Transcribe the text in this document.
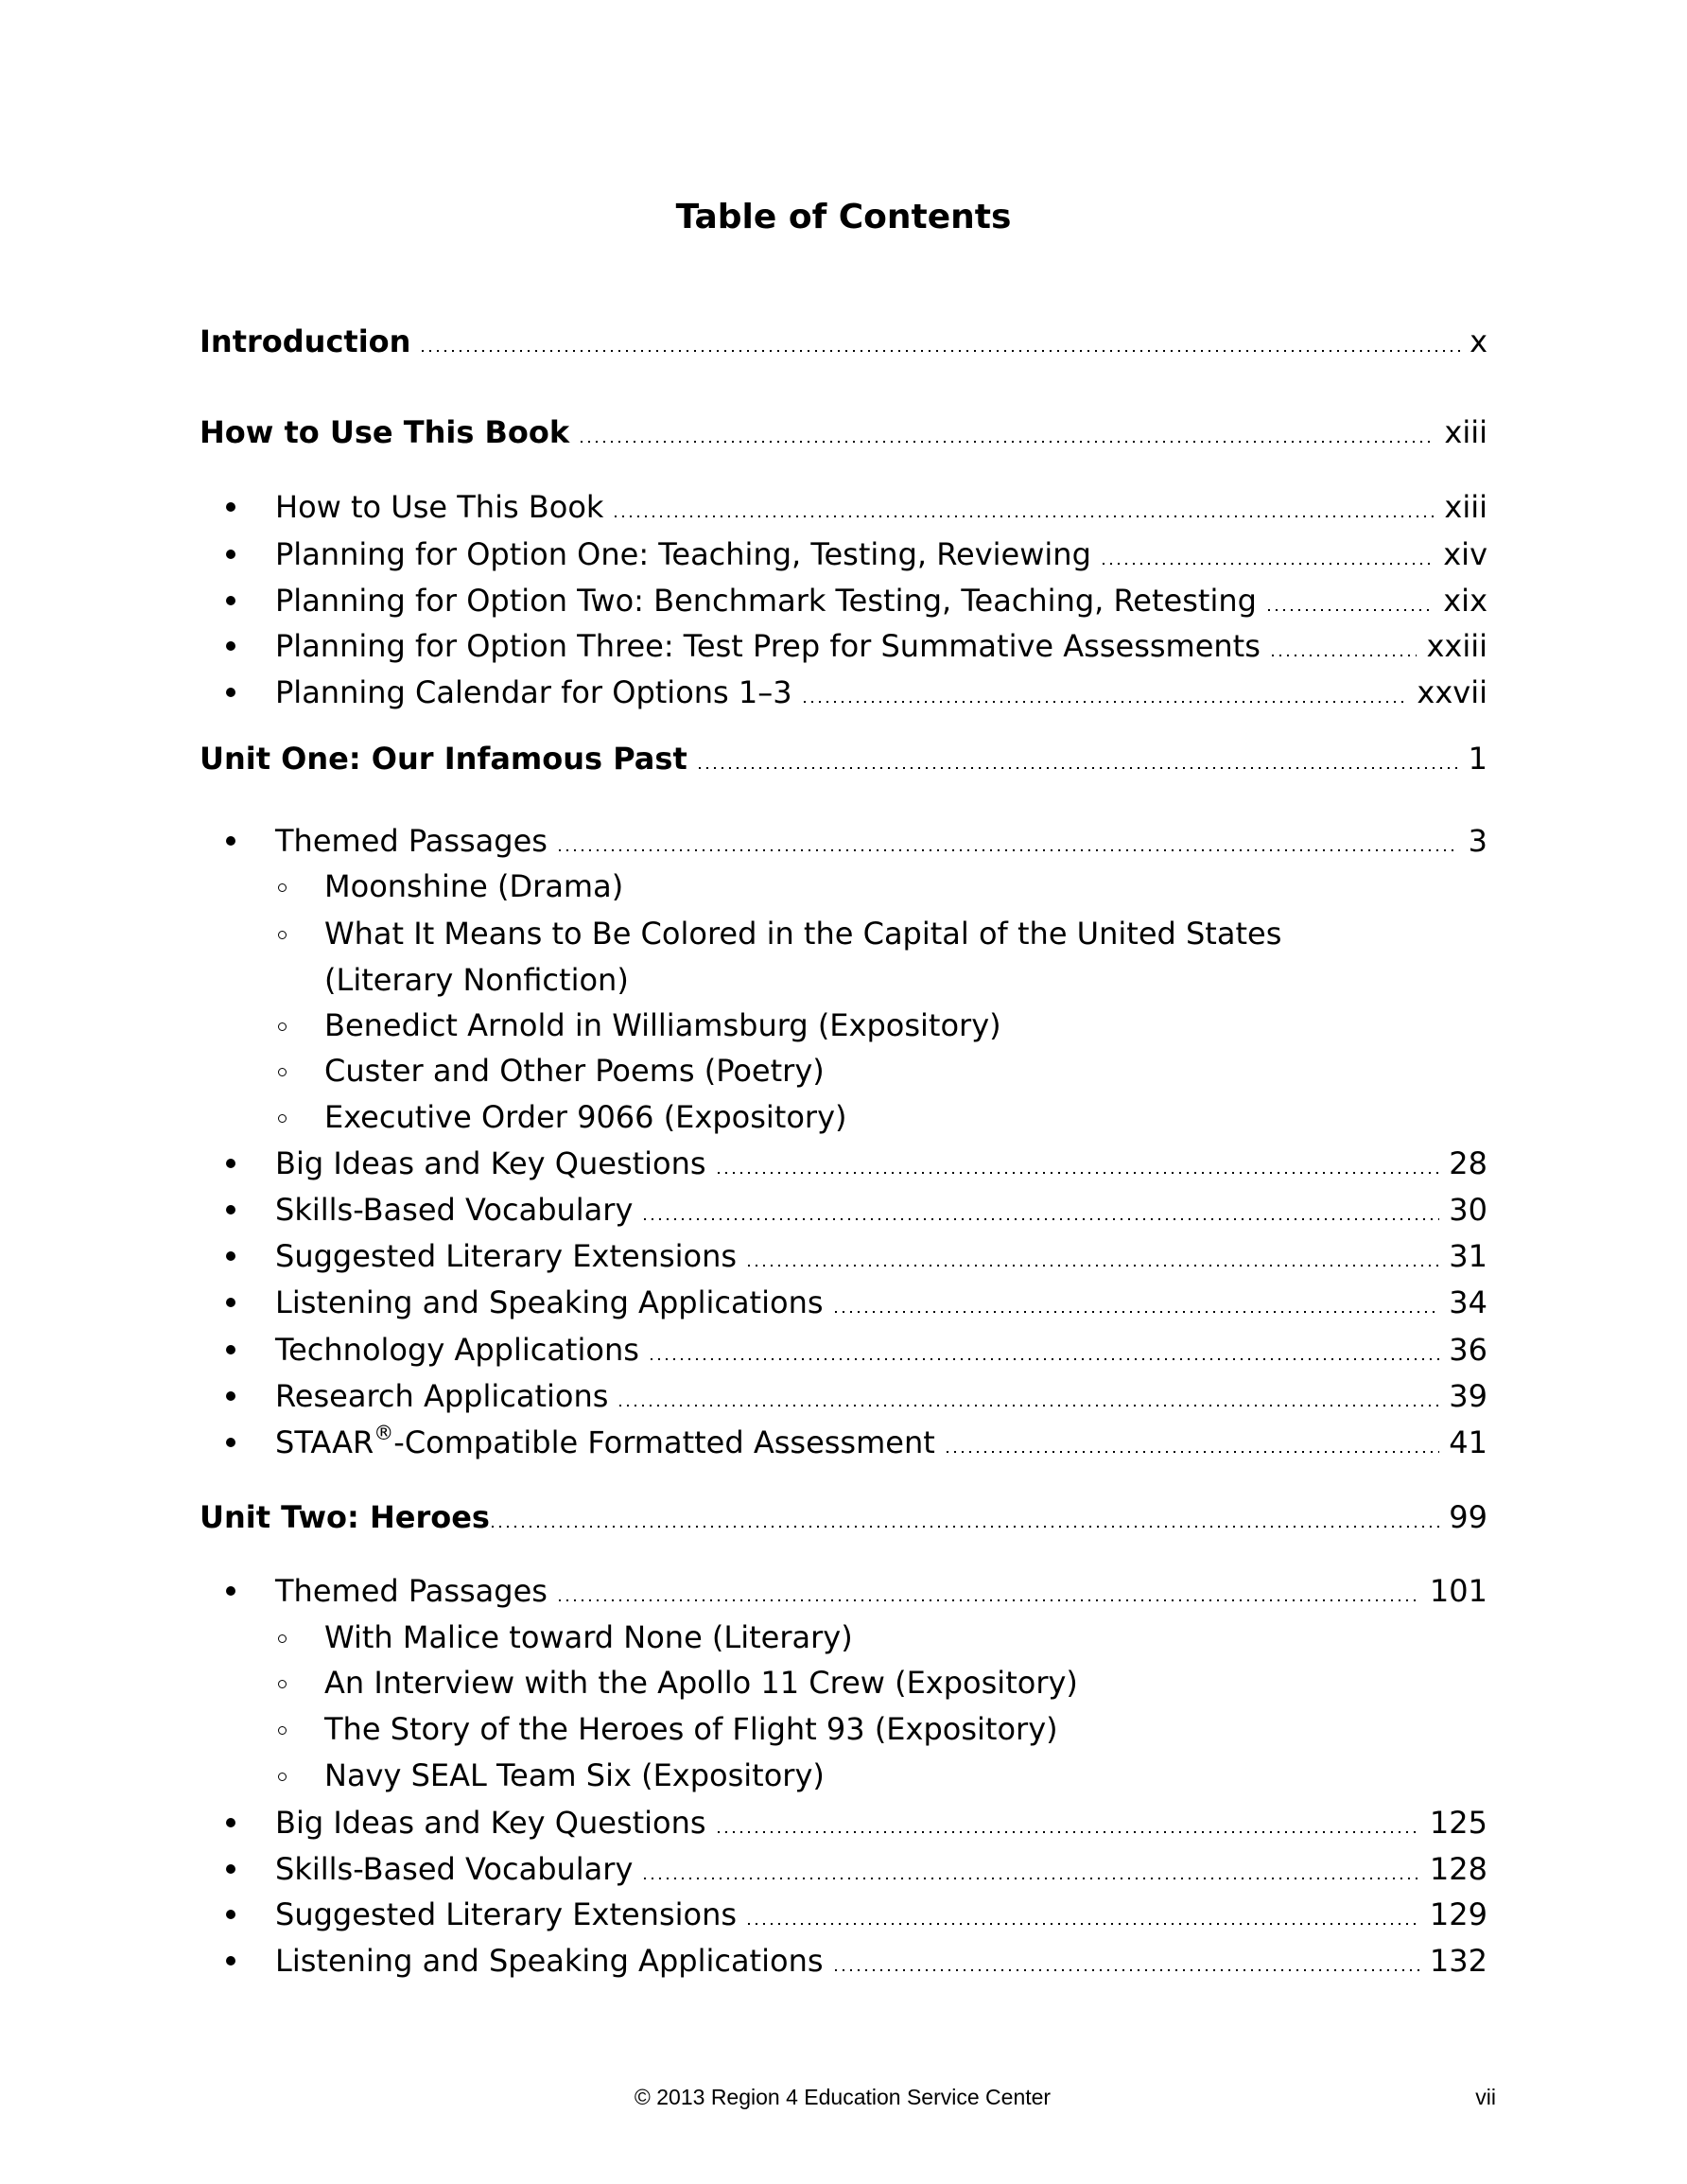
Table of Contents
Introduction	x
How to Use This Book	xiii
How to Use This Book	xiii
Planning for Option One: Teaching, Testing, Reviewing	xiv
Planning for Option Two: Benchmark Testing, Teaching, Retesting	xix
Planning for Option Three: Test Prep for Summative Assessments	xxiii
Planning Calendar for Options 1–3	xxvii
Unit One: Our Infamous Past	1
Themed Passages	3
Moonshine (Drama)
What It Means to Be Colored in the Capital of the United States
(Literary Nonfiction)
Benedict Arnold in Williamsburg (Expository)
Custer and Other Poems (Poetry)
Executive Order 9066 (Expository)
Big Ideas and Key Questions	28
Skills-Based Vocabulary	30
Suggested Literary Extensions	31
Listening and Speaking Applications	34
Technology Applications	36
Research Applications	39
STAAR®-Compatible Formatted Assessment	41
Unit Two: Heroes	99
Themed Passages	101
With Malice toward None (Literary)
An Interview with the Apollo 11 Crew (Expository)
The Story of the Heroes of Flight 93 (Expository)
Navy SEAL Team Six (Expository)
Big Ideas and Key Questions	125
Skills-Based Vocabulary	128
Suggested Literary Extensions	129
Listening and Speaking Applications	132
© 2013 Region 4 Education Service Center	vii
